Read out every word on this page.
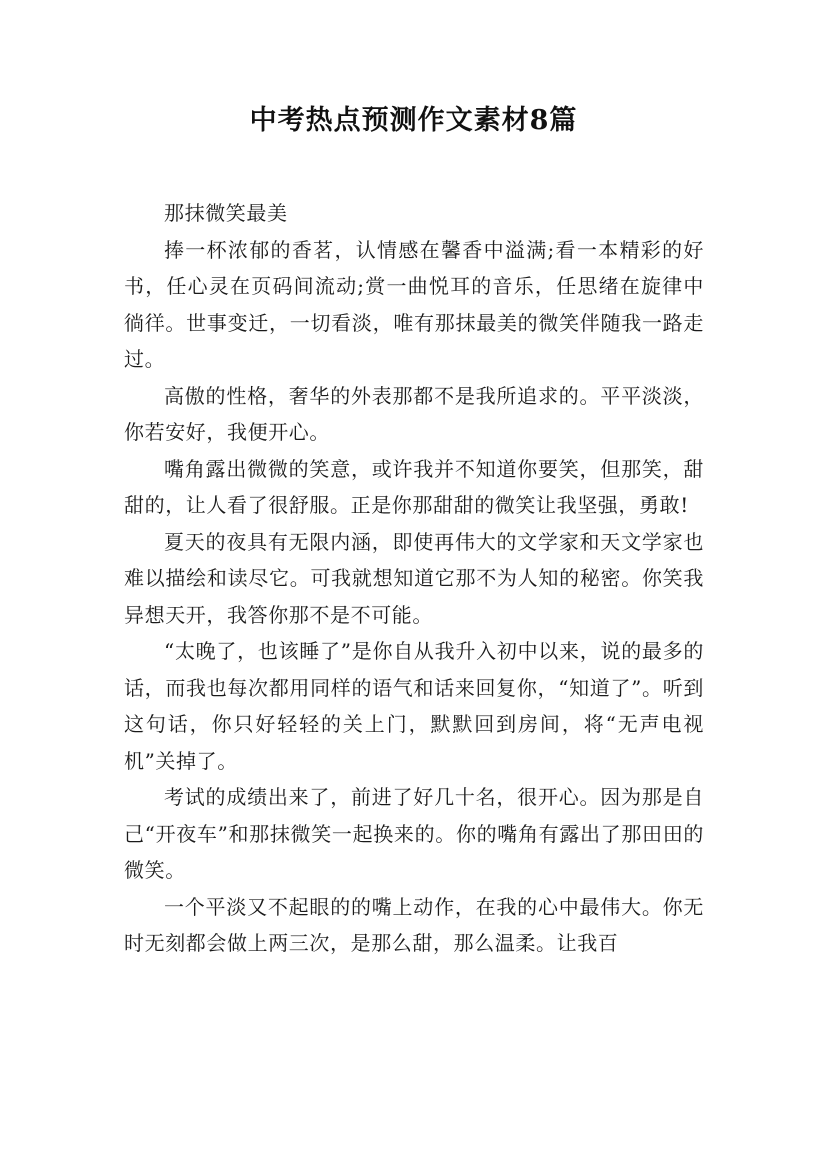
中考热点预测作文素材8篇

那抹微笑最美

捧一杯浓郁的香茗，认情感在馨香中溢满;看一本精彩的好书，任心灵在页码间流动;赏一曲悦耳的音乐，任思绪在旋律中徜徉。世事变迁，一切看淡，唯有那抹最美的微笑伴随我一路走过。

高傲的性格，奢华的外表那都不是我所追求的。平平淡淡，你若安好，我便开心。

嘴角露出微微的笑意，或许我并不知道你要笑，但那笑，甜甜的，让人看了很舒服。正是你那甜甜的微笑让我坚强，勇敢!

夏天的夜具有无限内涵，即使再伟大的文学家和天文学家也难以描绘和读尽它。可我就想知道它那不为人知的秘密。你笑我异想天开，我答你那不是不可能。

“太晚了，也该睡了”是你自从我升入初中以来，说的最多的话，而我也每次都用同样的语气和话来回复你，“知道了”。听到这句话，你只好轻轻的关上门，默默回到房间，将“无声电视机”关掉了。

考试的成绩出来了，前进了好几十名，很开心。因为那是自己“开夜车”和那抹微笑一起换来的。你的嘴角有露出了那田田的微笑。

一个平淡又不起眼的的嘴上动作，在我的心中最伟大。你无时无刻都会做上两三次，是那么甜，那么温柔。让我百
